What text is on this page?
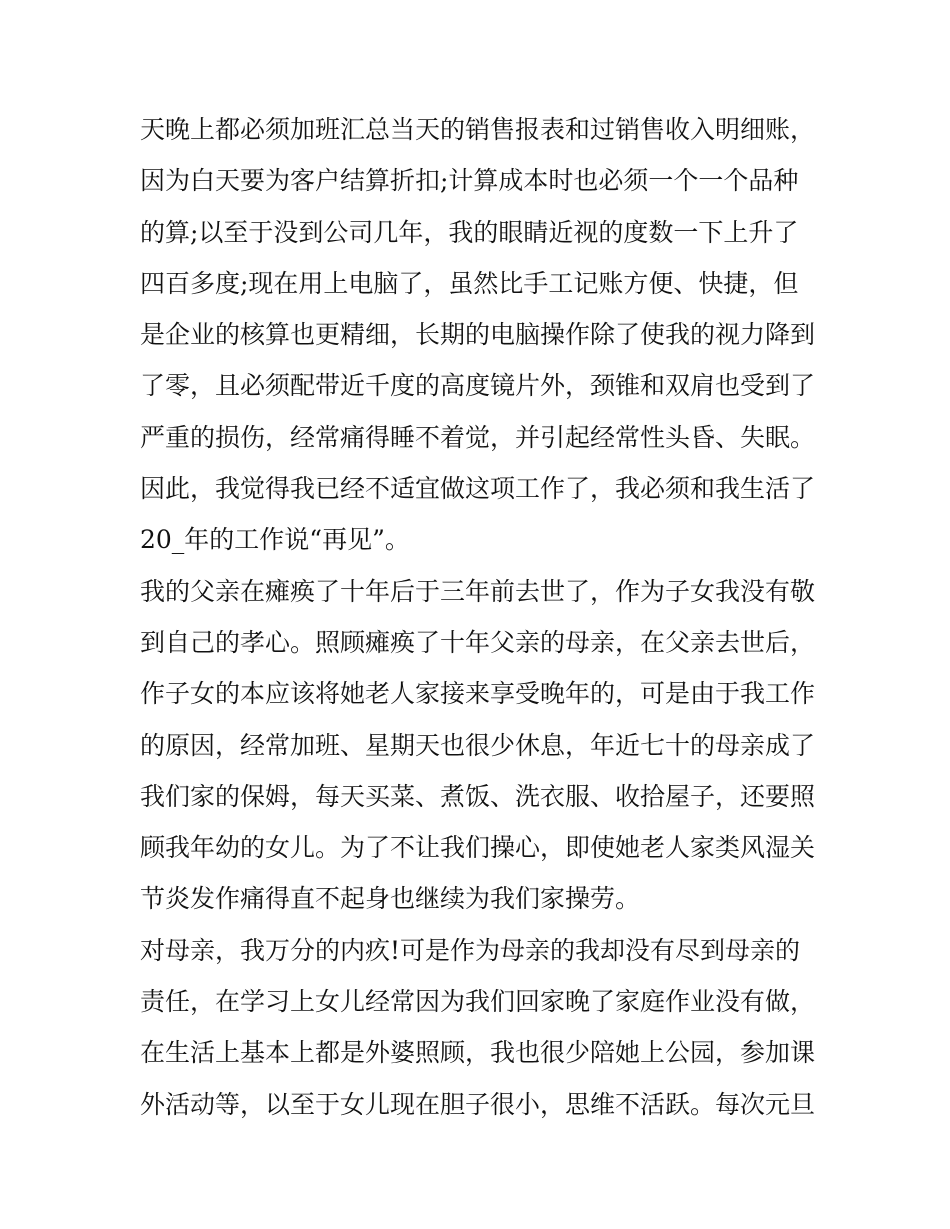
天晚上都必须加班汇总当天的销售报表和过销售收入明细账，
因为白天要为客户结算折扣;计算成本时也必须一个一个品种
的算;以至于没到公司几年，我的眼睛近视的度数一下上升了
四百多度;现在用上电脑了，虽然比手工记账方便、快捷，但
是企业的核算也更精细，长期的电脑操作除了使我的视力降到
了零，且必须配带近千度的高度镜片外，颈锥和双肩也受到了
严重的损伤，经常痛得睡不着觉，并引起经常性头昏、失眠。
因此，我觉得我已经不适宜做这项工作了，我必须和我生活了
20_年的工作说“再见”。
我的父亲在瘫痪了十年后于三年前去世了，作为子女我没有敬
到自己的孝心。照顾瘫痪了十年父亲的母亲，在父亲去世后，
作子女的本应该将她老人家接来享受晚年的，可是由于我工作
的原因，经常加班、星期天也很少休息，年近七十的母亲成了
我们家的保姆，每天买菜、煮饭、洗衣服、收拾屋子，还要照
顾我年幼的女儿。为了不让我们操心，即使她老人家类风湿关
节炎发作痛得直不起身也继续为我们家操劳。
对母亲，我万分的内疚!可是作为母亲的我却没有尽到母亲的
责任，在学习上女儿经常因为我们回家晚了家庭作业没有做，
在生活上基本上都是外婆照顾，我也很少陪她上公园，参加课
外活动等，以至于女儿现在胆子很小，思维不活跃。每次元旦
